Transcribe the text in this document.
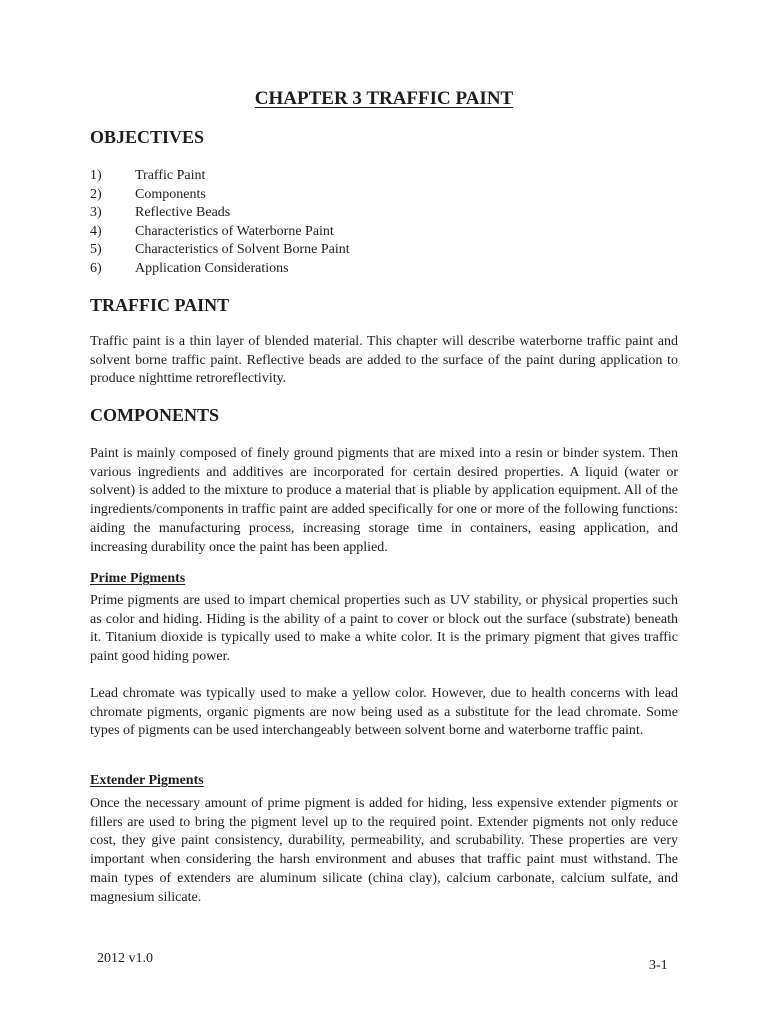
CHAPTER 3 TRAFFIC PAINT
OBJECTIVES
1)	Traffic Paint
2)	Components
3)	Reflective Beads
4)	Characteristics of Waterborne Paint
5)	Characteristics of Solvent Borne Paint
6)	Application Considerations
TRAFFIC PAINT

Traffic paint is a thin layer of blended material. This chapter will describe waterborne traffic paint and solvent borne traffic paint. Reflective beads are added to the surface of the paint during application to produce nighttime retroreflectivity.

COMPONENTS

Paint is mainly composed of finely ground pigments that are mixed into a resin or binder system. Then various ingredients and additives are incorporated for certain desired properties. A liquid (water or solvent) is added to the mixture to produce a material that is pliable by application equipment. All of the ingredients/components in traffic paint are added specifically for one or more of the following functions: aiding the manufacturing process, increasing storage time in containers, easing application, and increasing durability once the paint has been applied.

Prime Pigments

Prime pigments are used to impart chemical properties such as UV stability, or physical properties such as color and hiding. Hiding is the ability of a paint to cover or block out the surface (substrate) beneath it. Titanium dioxide is typically used to make a white color. It is the primary pigment that gives traffic paint good hiding power.

Lead chromate was typically used to make a yellow color. However, due to health concerns with lead chromate pigments, organic pigments are now being used as a substitute for the lead chromate. Some types of pigments can be used interchangeably between solvent borne and waterborne traffic paint.

Extender Pigments

Once the necessary amount of prime pigment is added for hiding, less expensive extender pigments or fillers are used to bring the pigment level up to the required point. Extender pigments not only reduce cost, they give paint consistency, durability, permeability, and scrubability. These properties are very important when considering the harsh environment and abuses that traffic paint must withstand. The main types of extenders are aluminum silicate (china clay), calcium carbonate, calcium sulfate, and magnesium silicate.

2012 v1.0	3-1
